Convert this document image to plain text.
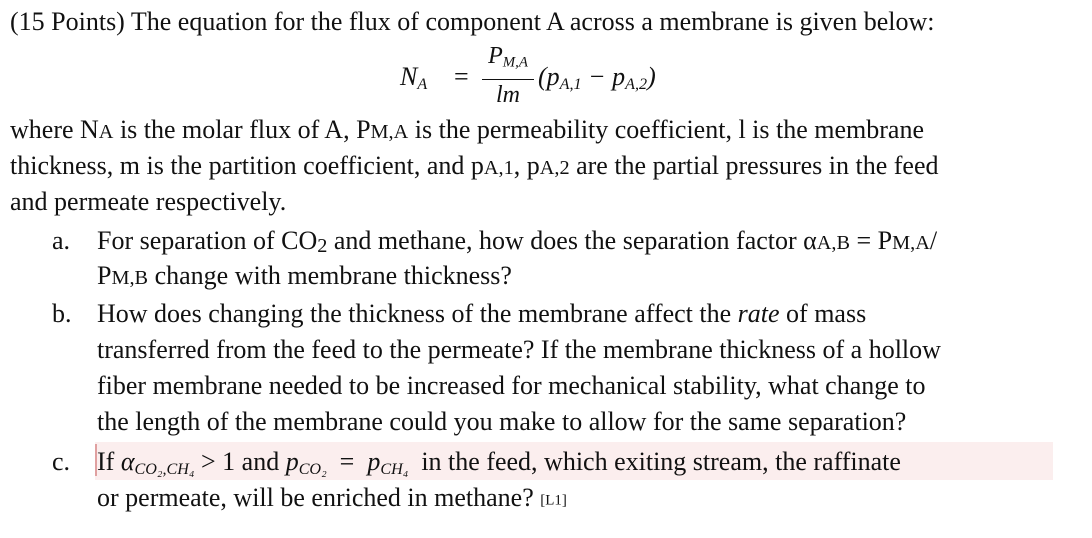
(15 Points) The equation for the flux of component A across a membrane is given below:
$N_A$ =
$P_{M,A}$
lm
$(p_{A,1} - p_{A,2})$
where NA is the molar flux of A, PM,A is the permeability coefficient, l is the membrane
thickness, m is the partition coefficient, and pA,1, pA,2 are the partial pressures in the feed
and permeate respectively.
a.	For separation of CO2 and methane, how does the separation factor αA,B = PM,A/
PM,B change with membrane thickness?
b. How does changing the thickness of the membrane affect the rate of mass
transferred from the feed to the permeate? If the membrane thickness of a hollow
fiber membrane needed to be increased for mechanical stability, what change to
the length of the membrane could you make to allow for the same separation?
c.	If $\alpha_{CO_2,CH_4} > 1$ and $p_{CO_2} = p_{CH_4}$  in the feed, which exiting stream, the raffinate
or permeate, will be enriched in methane? [L1]
